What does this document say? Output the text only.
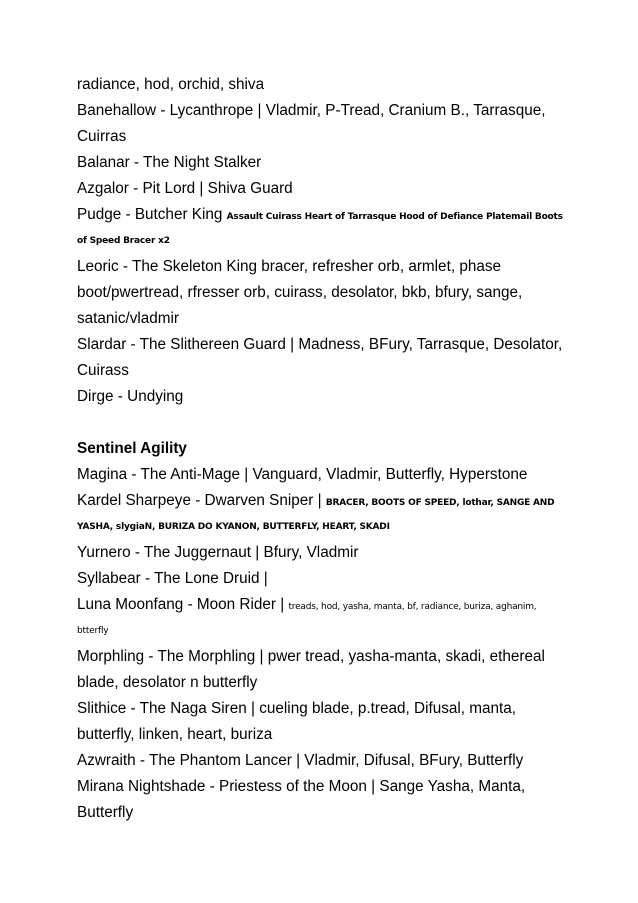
radiance, hod, orchid, shiva
Banehallow - Lycanthrope | Vladmir, P-Tread, Cranium B., Tarrasque,
Cuirras
Balanar - The Night Stalker
Azgalor - Pit Lord | Shiva Guard
Pudge - Butcher King Assault Cuirass Heart of Tarrasque Hood of Defiance Platemail Boots
of Speed Bracer x2
Leoric - The Skeleton King bracer, refresher orb, armlet, phase
boot/pwertread, rfresser orb, cuirass, desolator, bkb, bfury, sange,
satanic/vladmir
Slardar - The Slithereen Guard | Madness, BFury, Tarrasque, Desolator,
Cuirass
Dirge - Undying
Sentinel Agility
Magina - The Anti-Mage | Vanguard, Vladmir, Butterfly, Hyperstone
Kardel Sharpeye - Dwarven Sniper | BRACER, BOOTS OF SPEED, lothar, SANGE AND
YASHA, slygiaN, BURIZA DO KYANON, BUTTERFLY, HEART, SKADI
Yurnero - The Juggernaut | Bfury, Vladmir
Syllabear - The Lone Druid |
Luna Moonfang - Moon Rider | treads, hod, yasha, manta, bf, radiance, buriza, aghanim,
btterfly
Morphling - The Morphling | pwer tread, yasha-manta, skadi, ethereal
blade, desolator n butterfly
Slithice - The Naga Siren | cueling blade, p.tread, Difusal, manta,
butterfly, linken, heart, buriza
Azwraith - The Phantom Lancer | Vladmir, Difusal, BFury, Butterfly
Mirana Nightshade - Priestess of the Moon | Sange Yasha, Manta,
Butterfly
